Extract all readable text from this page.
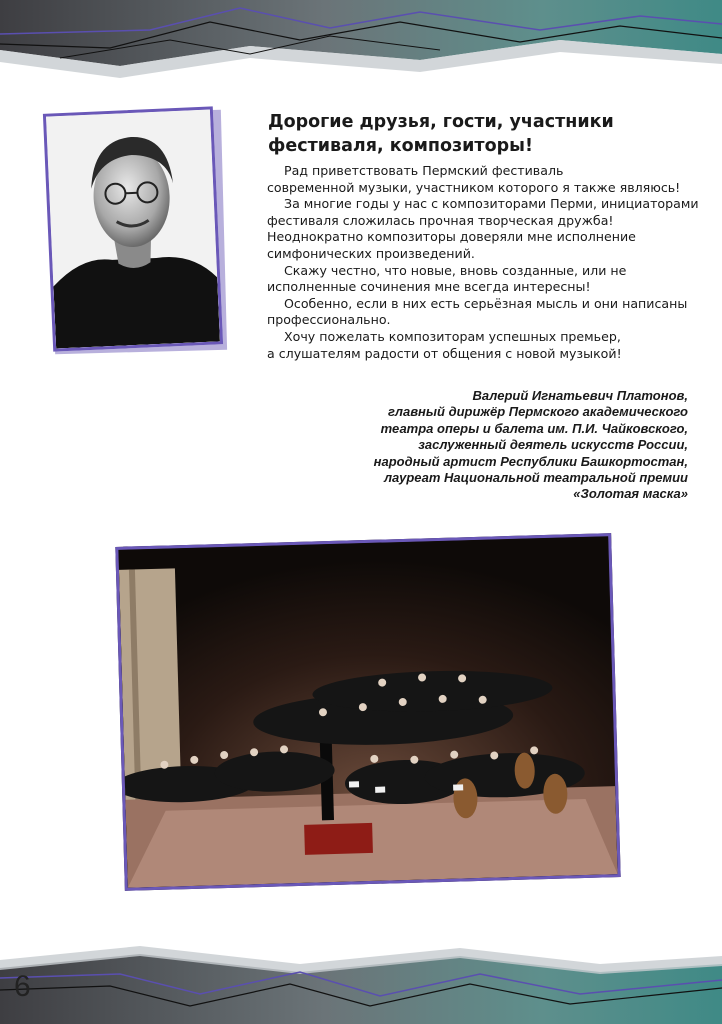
Дорогие друзья, гости, участники фестиваля, композиторы!

Рад приветствовать Пермский фестиваль

современной музыки, участником которого я также являюсь!

За многие годы у нас с композиторами Перми, инициаторами фестиваля сложилась прочная творческая дружба!

Неоднократно композиторы доверяли мне исполнение симфонических произведений.

Скажу честно, что новые, вновь созданные, или не исполненные сочинения мне всегда интересны!

Особенно, если в них есть серьёзная мысль и они написаны профессионально.

Хочу пожелать композиторам успешных премьер,

а слушателям радости от общения с новой музыкой!

Валерий Игнатьевич Платонов,
главный дирижёр Пермского академического
театра оперы и балета им. П.И. Чайковского,
заслуженный деятель искусств России,
народный артист Республики Башкортостан,
лауреат Национальной театральной премии
«Золотая маска»
6
